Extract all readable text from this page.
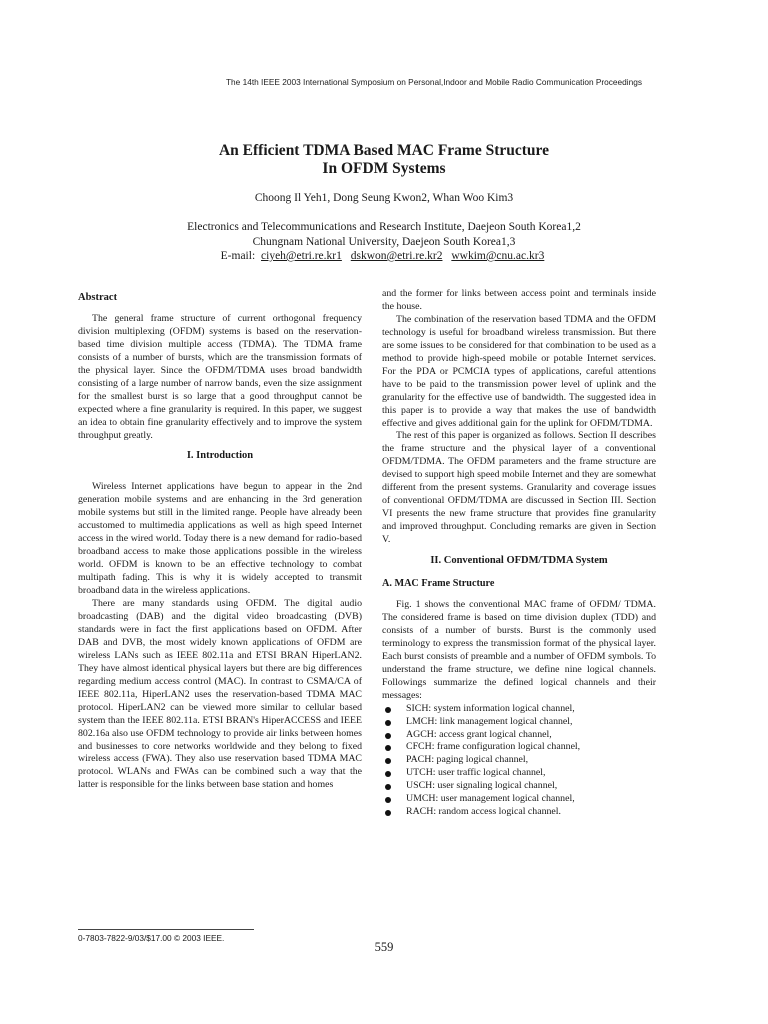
The 14th IEEE 2003 International Symposium on Personal,Indoor and Mobile Radio Communication Proceedings
An Efficient TDMA Based MAC Frame Structure
In OFDM Systems
Choong Il Yeh1, Dong Seung Kwon2, Whan Woo Kim3
Electronics and Telecommunications and Research Institute, Daejeon South Korea1,2
Chungnam National University, Daejeon South Korea1,3
E-mail: ciyeh@etri.re.kr1 dskwon@etri.re.kr2 wwkim@cnu.ac.kr3
Abstract

The general frame structure of current orthogonal frequency division multiplexing (OFDM) systems is based on the reservation-based time division multiple access (TDMA). The TDMA frame consists of a number of bursts, which are the transmission formats of the physical layer. Since the OFDM/TDMA uses broad bandwidth consisting of a large number of narrow bands, even the size assignment for the smallest burst is so large that a good throughput cannot be expected where a fine granularity is required. In this paper, we suggest an idea to obtain fine granularity effectively and to improve the system throughput greatly.

I. Introduction

Wireless Internet applications have begun to appear in the 2nd generation mobile systems and are enhancing in the 3rd generation mobile systems but still in the limited range. People have already been accustomed to multimedia applications as well as high speed Internet access in the wired world. Today there is a new demand for radio-based broadband access to make those applications possible in the wireless world. OFDM is known to be an effective technology to combat multipath fading. This is why it is widely accepted to transmit broadband data in the wireless applications.

There are many standards using OFDM. The digital audio broadcasting (DAB) and the digital video broadcasting (DVB) standards were in fact the first applications based on OFDM. After DAB and DVB, the most widely known applications of OFDM are wireless LANs such as IEEE 802.11a and ETSI BRAN HiperLAN2. They have almost identical physical layers but there are big differences regarding medium access control (MAC). In contrast to CSMA/CA of IEEE 802.11a, HiperLAN2 uses the reservation-based TDMA MAC protocol. HiperLAN2 can be viewed more similar to cellular based system than the IEEE 802.11a. ETSI BRAN's HiperACCESS and IEEE 802.16a also use OFDM technology to provide air links between homes and businesses to core networks worldwide and they belong to fixed wireless access (FWA). They also use reservation based TDMA MAC protocol. WLANs and FWAs can be combined such a way that the latter is responsible for the links between base station and homes

and the former for links between access point and terminals inside the house.

The combination of the reservation based TDMA and the OFDM technology is useful for broadband wireless transmission. But there are some issues to be considered for that combination to be used as a method to provide high-speed mobile or potable Internet services. For the PDA or PCMCIA types of applications, careful attentions have to be paid to the transmission power level of uplink and the granularity for the effective use of bandwidth. The suggested idea in this paper is to provide a way that makes the use of bandwidth effective and gives additional gain for the uplink for OFDM/TDMA.

The rest of this paper is organized as follows. Section II describes the frame structure and the physical layer of a conventional OFDM/TDMA. The OFDM parameters and the frame structure are devised to support high speed mobile Internet and they are somewhat different from the present systems. Granularity and coverage issues of conventional OFDM/TDMA are discussed in Section III. Section VI presents the new frame structure that provides fine granularity and improved throughput. Concluding remarks are given in Section V.

II. Conventional OFDM/TDMA System
A. MAC Frame Structure

Fig. 1 shows the conventional MAC frame of OFDM/ TDMA. The considered frame is based on time division duplex (TDD) and consists of a number of bursts. Burst is the commonly used terminology to express the transmission format of the physical layer. Each burst consists of preamble and a number of OFDM symbols. To understand the frame structure, we define nine logical channels. Followings summarize the defined logical channels and their messages:

SICH: system information logical channel,
LMCH: link management logical channel,
AGCH: access grant logical channel,
CFCH: frame configuration logical channel,
PACH: paging logical channel,
UTCH: user traffic logical channel,
USCH: user signaling logical channel,
UMCH: user management logical channel,
RACH: random access logical channel.
0-7803-7822-9/03/$17.00 © 2003 IEEE.
559
